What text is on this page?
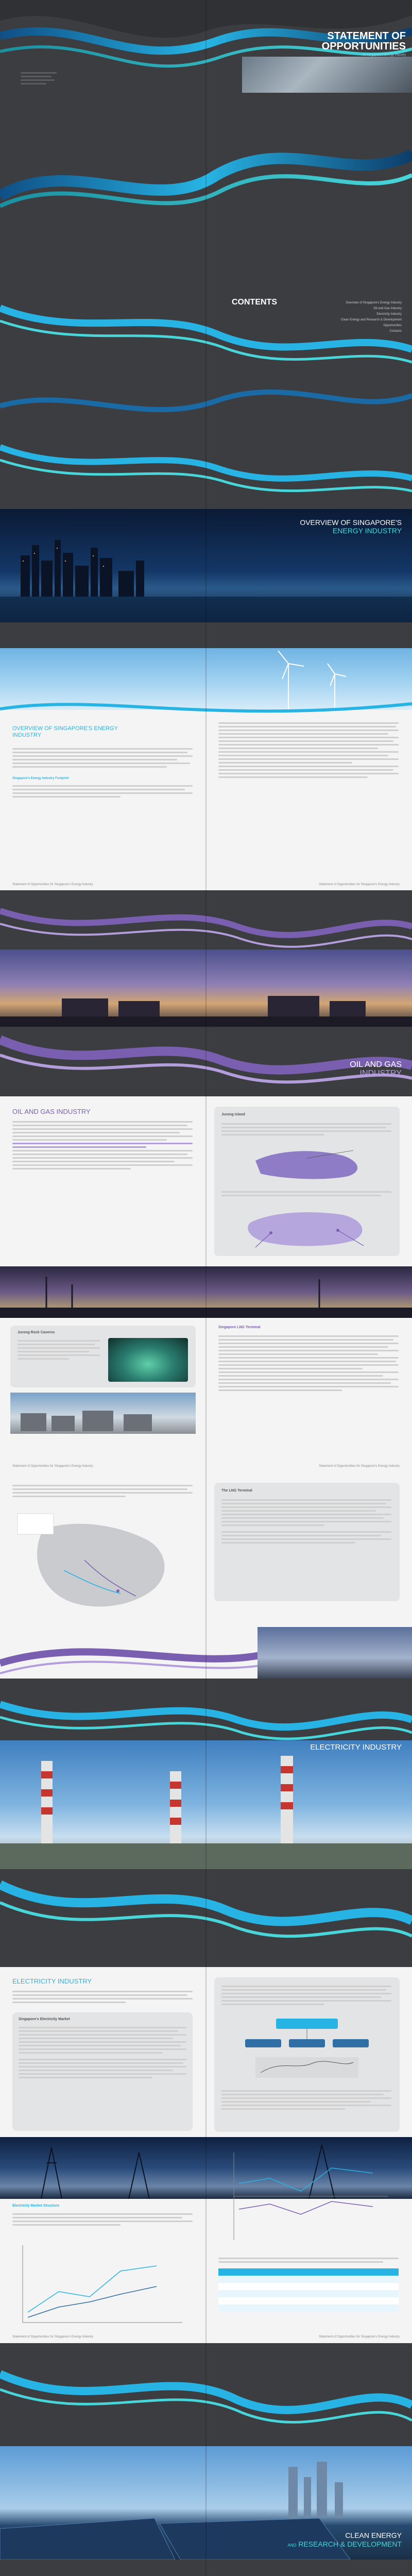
STATEMENT OF
OPPORTUNITIES
for Singapore's Energy Industry
CONTENTS	Overview of Singapore's Energy Industry
Oil and Gas Industry
Electricity Industry
Clean Energy and Research & Development
Opportunities
Contacts
OVERVIEW OF SINGAPORE'S
ENERGY INDUSTRY
OVERVIEW OF SINGAPORE'S ENERGY
INDUSTRY
Singapore's Energy Industry Footprint
Statement of Opportunities for Singapore's Energy Industry	Statement of Opportunities for Singapore's Energy Industry
OIL AND GAS
INDUSTRY
OIL AND GAS INDUSTRY	Jurong Island
Jurong Rock Caverns
Singapore LNG Terminal
Statement of Opportunities for Singapore's Energy Industry	Statement of Opportunities for Singapore's Energy Industry
The LNG Terminal
ELECTRICITY INDUSTRY
ELECTRICITY INDUSTRY
Singapore's Electricity Market
Electricity Market Structure
Statement of Opportunities for Singapore's Energy Industry	Statement of Opportunities for Singapore's Energy Industry
CLEAN ENERGY
AND RESEARCH & DEVELOPMENT
